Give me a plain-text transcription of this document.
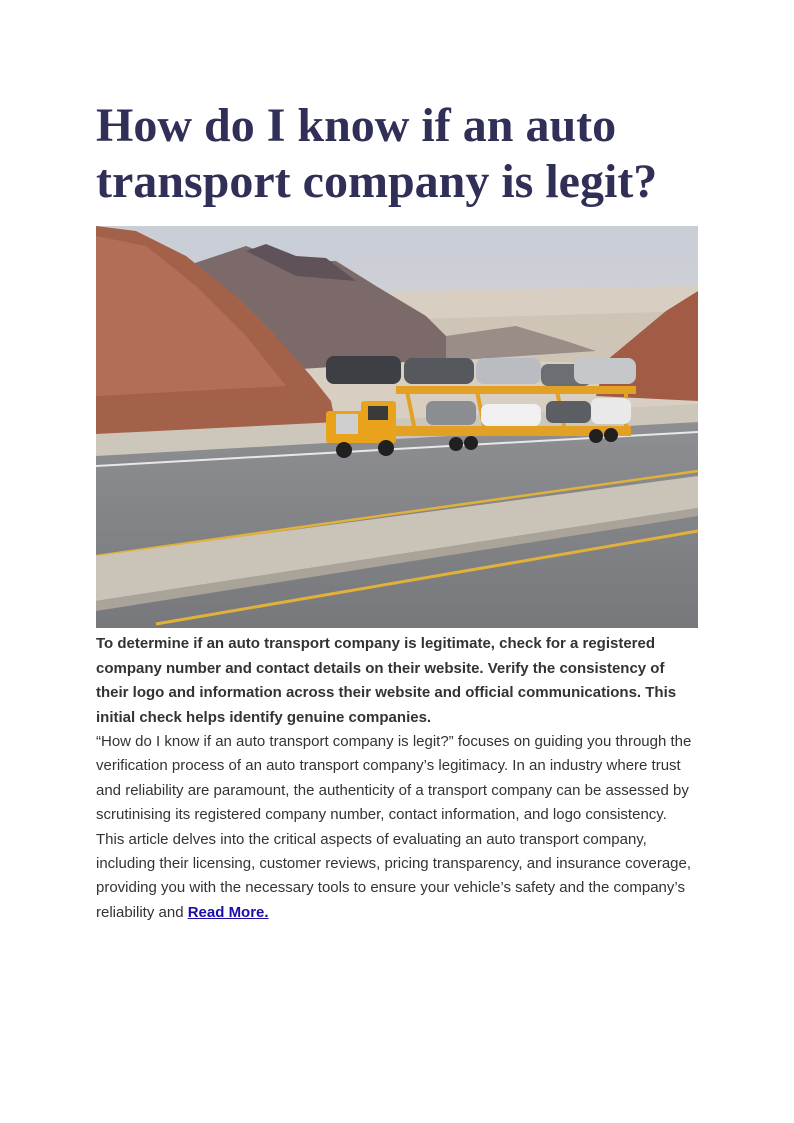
How do I know if an auto transport company is legit?

To determine if an auto transport company is legitimate, check for a registered company number and contact details on their website. Verify the consistency of their logo and information across their website and official communications. This initial check helps identify genuine companies.

“How do I know if an auto transport company is legit?” focuses on guiding you through the verification process of an auto transport company’s legitimacy. In an industry where trust and reliability are paramount, the authenticity of a transport company can be assessed by scrutinising its registered company number, contact information, and logo consistency. This article delves into the critical aspects of evaluating an auto transport company, including their licensing, customer reviews, pricing transparency, and insurance coverage, providing you with the necessary tools to ensure your vehicle’s safety and the company’s reliability and Read More.
